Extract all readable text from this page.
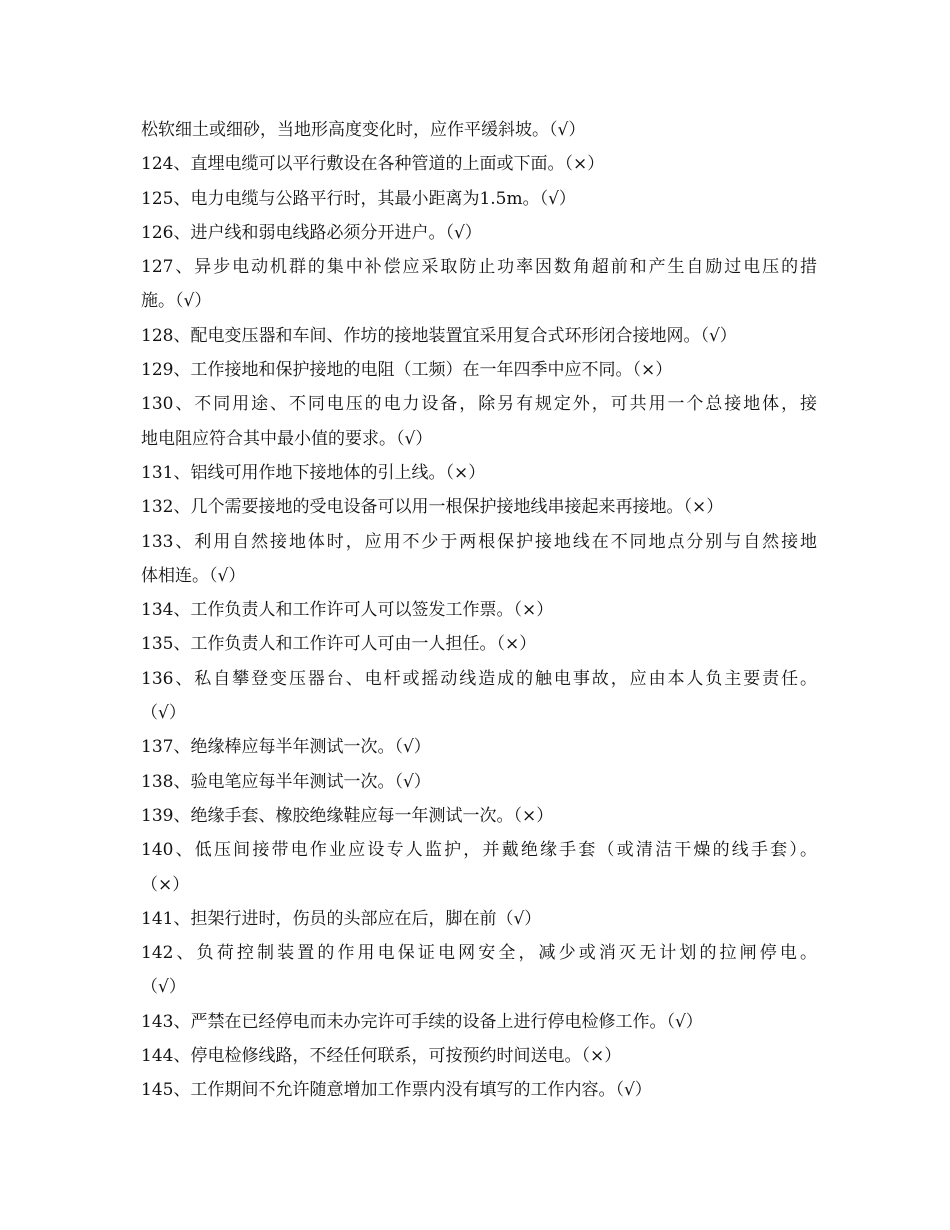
松软细土或细砂，当地形高度变化时，应作平缓斜坡。（√）
124、直埋电缆可以平行敷设在各种管道的上面或下面。（×）
125、电力电缆与公路平行时，其最小距离为1.5m。（√）
126、进户线和弱电线路必须分开进户。（√）
127、异步电动机群的集中补偿应采取防止功率因数角超前和产生自励过电压的措
施。（√）
128、配电变压器和车间、作坊的接地装置宜采用复合式环形闭合接地网。（√）
129、工作接地和保护接地的电阻（工频）在一年四季中应不同。（×）
130、不同用途、不同电压的电力设备，除另有规定外，可共用一个总接地体，接
地电阻应符合其中最小值的要求。（√）
131、铝线可用作地下接地体的引上线。（×）
132、几个需要接地的受电设备可以用一根保护接地线串接起来再接地。（×）
133、利用自然接地体时，应用不少于两根保护接地线在不同地点分别与自然接地
体相连。（√）
134、工作负责人和工作许可人可以签发工作票。（×）
135、工作负责人和工作许可人可由一人担任。（×）
136、私自攀登变压器台、电杆或摇动线造成的触电事故，应由本人负主要责任。
（√）
137、绝缘棒应每半年测试一次。（√）
138、验电笔应每半年测试一次。（√）
139、绝缘手套、橡胶绝缘鞋应每一年测试一次。（×）
140、低压间接带电作业应设专人监护，并戴绝缘手套（或清洁干燥的线手套）。
（×）
141、担架行进时，伤员的头部应在后，脚在前（√）
142、负荷控制装置的作用电保证电网安全，减少或消灭无计划的拉闸停电。
（√）
143、严禁在已经停电而未办完许可手续的设备上进行停电检修工作。（√）
144、停电检修线路，不经任何联系，可按预约时间送电。（×）
145、工作期间不允许随意增加工作票内没有填写的工作内容。（√）
